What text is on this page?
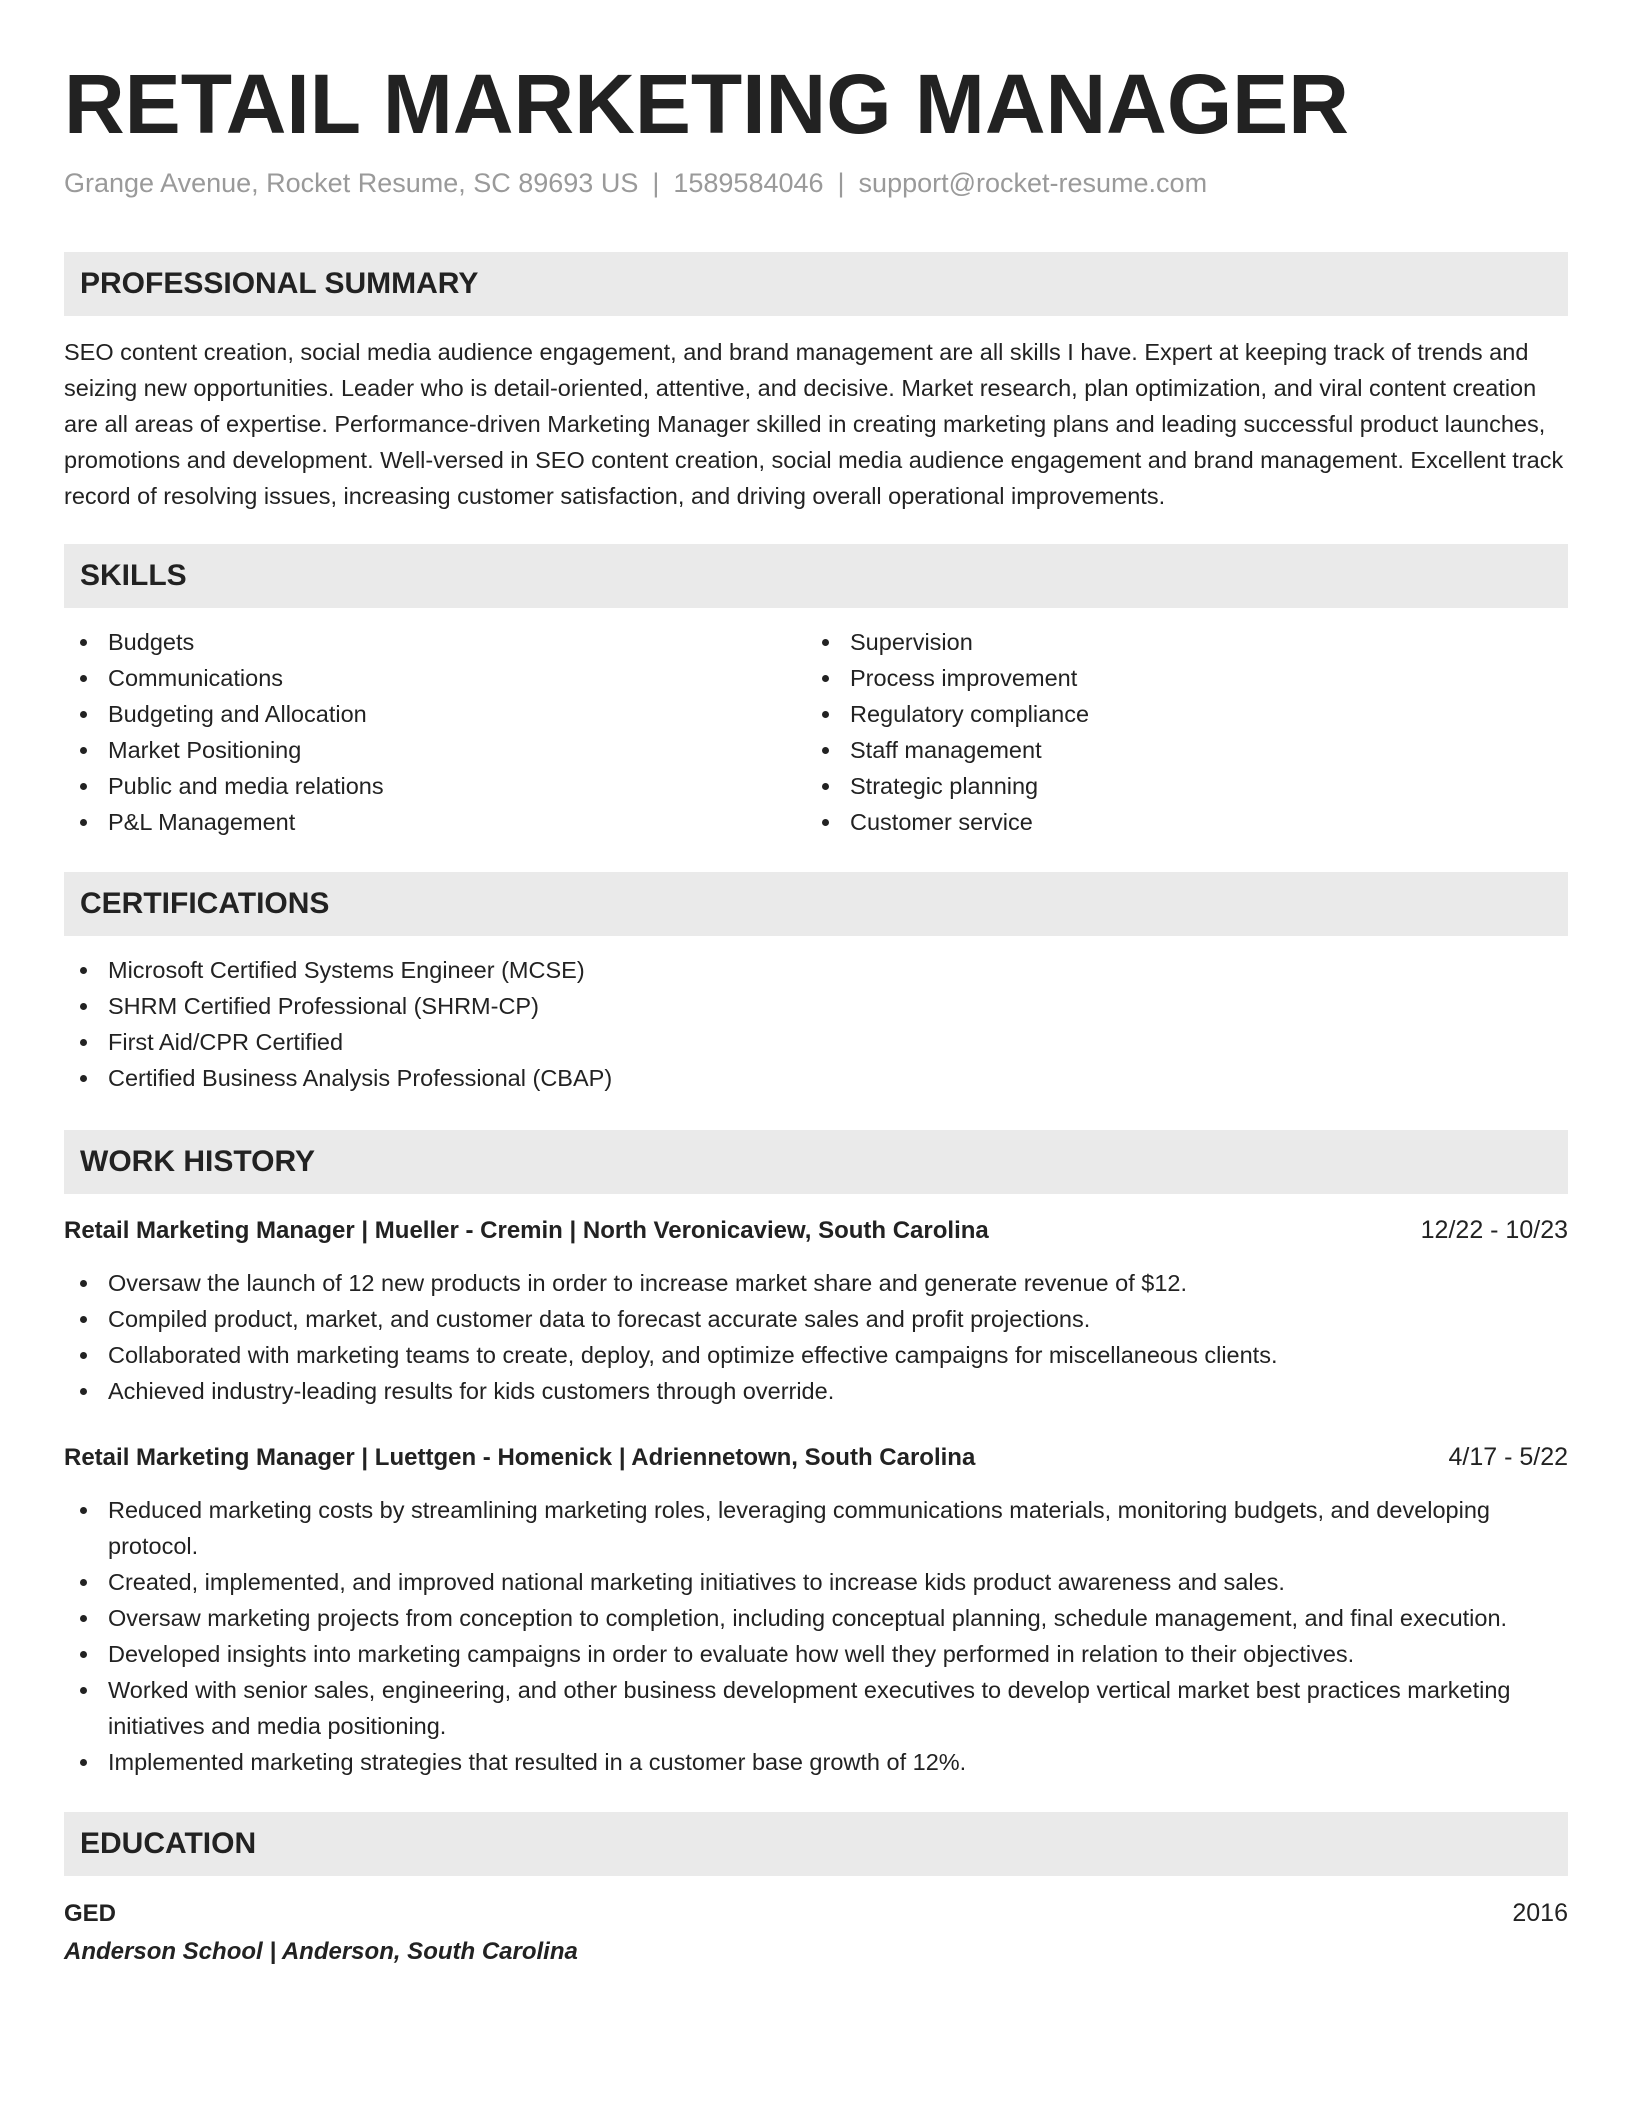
RETAIL MARKETING MANAGER
Grange Avenue, Rocket Resume, SC 89693 US | 1589584046 | support@rocket-resume.com
PROFESSIONAL SUMMARY

SEO content creation, social media audience engagement, and brand management are all skills I have. Expert at keeping track of trends and seizing new opportunities. Leader who is detail-oriented, attentive, and decisive. Market research, plan optimization, and viral content creation are all areas of expertise. Performance-driven Marketing Manager skilled in creating marketing plans and leading successful product launches, promotions and development. Well-versed in SEO content creation, social media audience engagement and brand management. Excellent track record of resolving issues, increasing customer satisfaction, and driving overall operational improvements.

SKILLS
Budgets
Communications
Budgeting and Allocation
Market Positioning
Public and media relations
P&L Management
Supervision
Process improvement
Regulatory compliance
Staff management
Strategic planning
Customer service
CERTIFICATIONS
Microsoft Certified Systems Engineer (MCSE)
SHRM Certified Professional (SHRM-CP)
First Aid/CPR Certified
Certified Business Analysis Professional (CBAP)
WORK HISTORY
Retail Marketing Manager | Mueller - Cremin | North Veronicaview, South Carolina	12/22 - 10/23
Oversaw the launch of 12 new products in order to increase market share and generate revenue of $12.
Compiled product, market, and customer data to forecast accurate sales and profit projections.
Collaborated with marketing teams to create, deploy, and optimize effective campaigns for miscellaneous clients.
Achieved industry-leading results for kids customers through override.
Retail Marketing Manager | Luettgen - Homenick | Adriennetown, South Carolina	4/17 - 5/22
Reduced marketing costs by streamlining marketing roles, leveraging communications materials, monitoring budgets, and developing protocol.
Created, implemented, and improved national marketing initiatives to increase kids product awareness and sales.
Oversaw marketing projects from conception to completion, including conceptual planning, schedule management, and final execution.
Developed insights into marketing campaigns in order to evaluate how well they performed in relation to their objectives.
Worked with senior sales, engineering, and other business development executives to develop vertical market best practices marketing initiatives and media positioning.
Implemented marketing strategies that resulted in a customer base growth of 12%.
EDUCATION
GED	2016
Anderson School | Anderson, South Carolina
